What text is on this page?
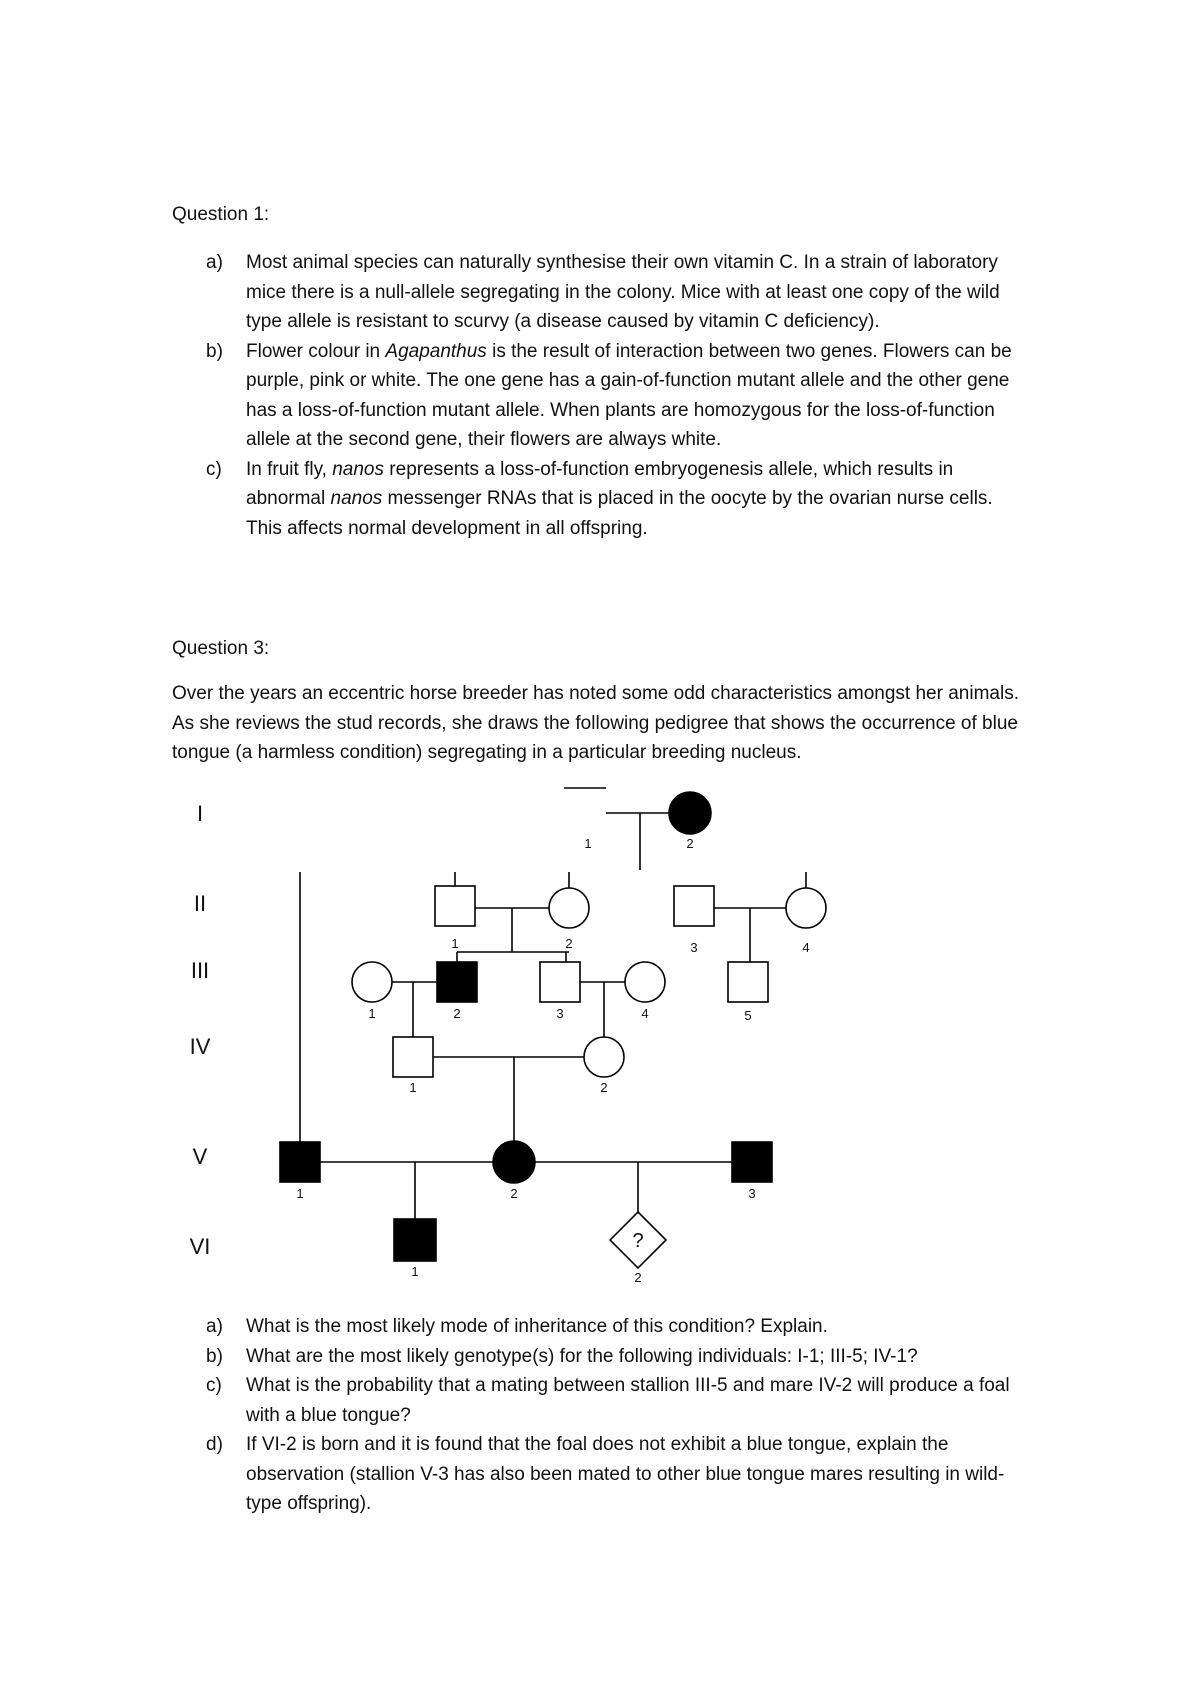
Question 1:
a) Most animal species can naturally synthesise their own vitamin C. In a strain of laboratory mice there is a null-allele segregating in the colony. Mice with at least one copy of the wild type allele is resistant to scurvy (a disease caused by vitamin C deficiency).
b) Flower colour in Agapanthus is the result of interaction between two genes. Flowers can be purple, pink or white. The one gene has a gain-of-function mutant allele and the other gene has a loss-of-function mutant allele. When plants are homozygous for the loss-of-function allele at the second gene, their flowers are always white.
c) In fruit fly, nanos represents a loss-of-function embryogenesis allele, which results in abnormal nanos messenger RNAs that is placed in the oocyte by the ovarian nurse cells. This affects normal development in all offspring.
Question 3:

Over the years an eccentric horse breeder has noted some odd characteristics amongst her animals. As she reviews the stud records, she draws the following pedigree that shows the occurrence of blue tongue (a harmless condition) segregating in a particular breeding nucleus.

I
II
III
IV
V
VI
1	2
1	2	3	4
1	2	3	4	5
1	2
1	2	3
1
?
2
a) What is the most likely mode of inheritance of this condition? Explain.
b) What are the most likely genotype(s) for the following individuals: I-1; III-5; IV-1?
c) What is the probability that a mating between stallion III-5 and mare IV-2 will produce a foal with a blue tongue?
d) If VI-2 is born and it is found that the foal does not exhibit a blue tongue, explain the observation (stallion V-3 has also been mated to other blue tongue mares resulting in wild-type offspring).
